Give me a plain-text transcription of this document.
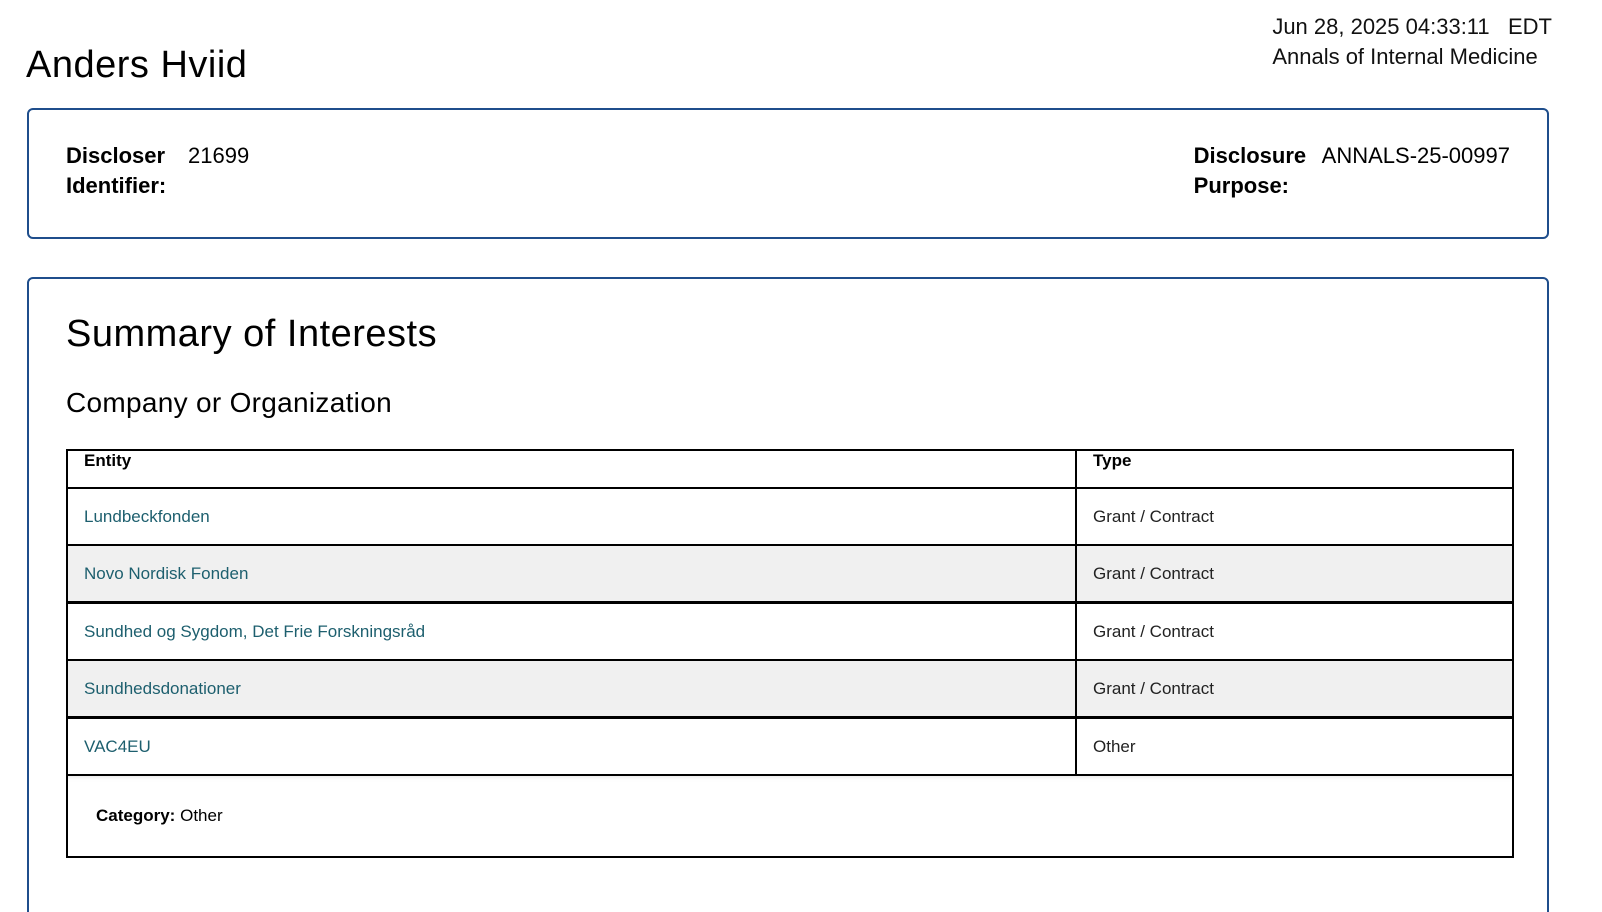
Jun 28, 2025 04:33:11   EDT
Annals of Internal Medicine
Anders Hviid
Discloser
Identifier:
21699	Disclosure
Purpose:
ANNALS-25-00997
Summary of Interests
Company or Organization
Entity	Type
Lundbeckfonden	Grant / Contract
Novo Nordisk Fonden	Grant / Contract
Sundhed og Sygdom, Det Frie Forskningsråd	Grant / Contract
Sundhedsdonationer	Grant / Contract
VAC4EU	Other
Category: Other
